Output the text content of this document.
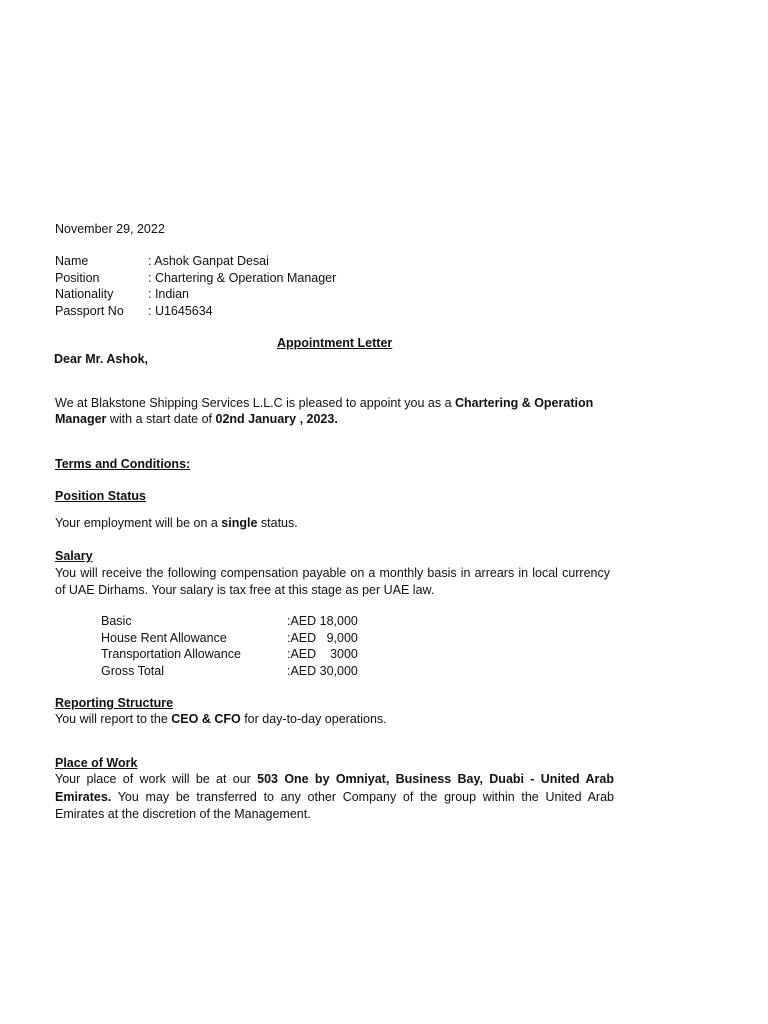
November 29, 2022
Name	: Ashok Ganpat Desai
Position	: Chartering & Operation Manager
Nationality	: Indian
Passport No : U1645634
Appointment Letter
Dear Mr. Ashok,
We at Blakstone Shipping Services L.L.C is pleased to appoint you as a Chartering & Operation Manager with a start date of 02nd January , 2023.
Terms and Conditions:
Position Status
Your employment will be on a single status.
Salary
You will receive the following compensation payable on a monthly basis in arrears in local currency of UAE Dirhams. Your salary is tax free at this stage as per UAE law.
Basic	:AED 18,000
House Rent Allowance	:AED   9,000
Transportation Allowance	:AED    3000
Gross Total	:AED 30,000
Reporting Structure
You will report to the CEO & CFO for day-to-day operations.
Place of Work
Your place of work will be at our 503 One by Omniyat, Business Bay, Duabi - United Arab Emirates. You may be transferred to any other Company of the group within the United Arab Emirates at the discretion of the Management.
